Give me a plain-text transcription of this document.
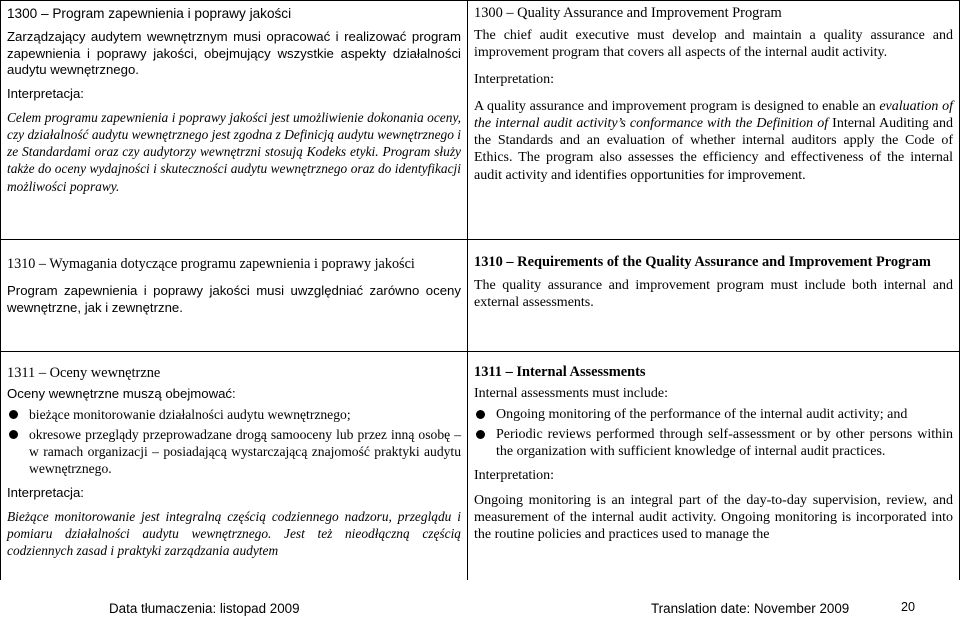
1300 – Program zapewnienia i poprawy jakości
Zarządzający audytem wewnętrznym musi opracować i realizować program zapewnienia i poprawy jakości, obejmujący wszystkie aspekty działalności audytu wewnętrznego.
Interpretacja:
Celem programu zapewnienia i poprawy jakości jest umożliwienie dokonania oceny, czy działalność audytu wewnętrznego jest zgodna z Definicją audytu wewnętrznego i ze Standardami oraz czy audytorzy wewnętrzni stosują Kodeks etyki. Program służy także do oceny wydajności i skuteczności audytu wewnętrznego oraz do identyfikacji możliwości poprawy.
1300 – Quality Assurance and Improvement Program
The chief audit executive must develop and maintain a quality assurance and improvement program that covers all aspects of the internal audit activity.
Interpretation:
A quality assurance and improvement program is designed to enable an evaluation of the internal audit activity’s conformance with the Definition of Internal Auditing and the Standards and an evaluation of whether internal auditors apply the Code of Ethics. The program also assesses the efficiency and effectiveness of the internal audit activity and identifies opportunities for improvement.
1310 – Wymagania dotyczące programu zapewnienia i poprawy jakości
Program zapewnienia i poprawy jakości musi uwzględniać zarówno oceny wewnętrzne, jak i zewnętrzne.
1310 – Requirements of the Quality Assurance and Improvement Program
The quality assurance and improvement program must include both internal and external assessments.
1311 – Oceny wewnętrzne
Oceny wewnętrzne muszą obejmować:
bieżące monitorowanie działalności audytu wewnętrznego;
okresowe przeglądy przeprowadzane drogą samooceny lub przez inną osobę – w ramach organizacji – posiadającą wystarczającą znajomość praktyki audytu wewnętrznego.
Interpretacja:
Bieżące monitorowanie jest integralną częścią codziennego nadzoru, przeglądu i pomiaru działalności audytu wewnętrznego. Jest też nieodłączną częścią codziennych zasad i praktyki zarządzania audytem
1311 – Internal Assessments
Internal assessments must include:
Ongoing monitoring of the performance of the internal audit activity; and
Periodic reviews performed through self-assessment or by other persons within the organization with sufficient knowledge of internal audit practices.
Interpretation:
Ongoing monitoring is an integral part of the day-to-day supervision, review, and measurement of the internal audit activity. Ongoing monitoring is incorporated into the routine policies and practices used to manage the
Data tłumaczenia: listopad 2009	Translation date: November 2009	20
